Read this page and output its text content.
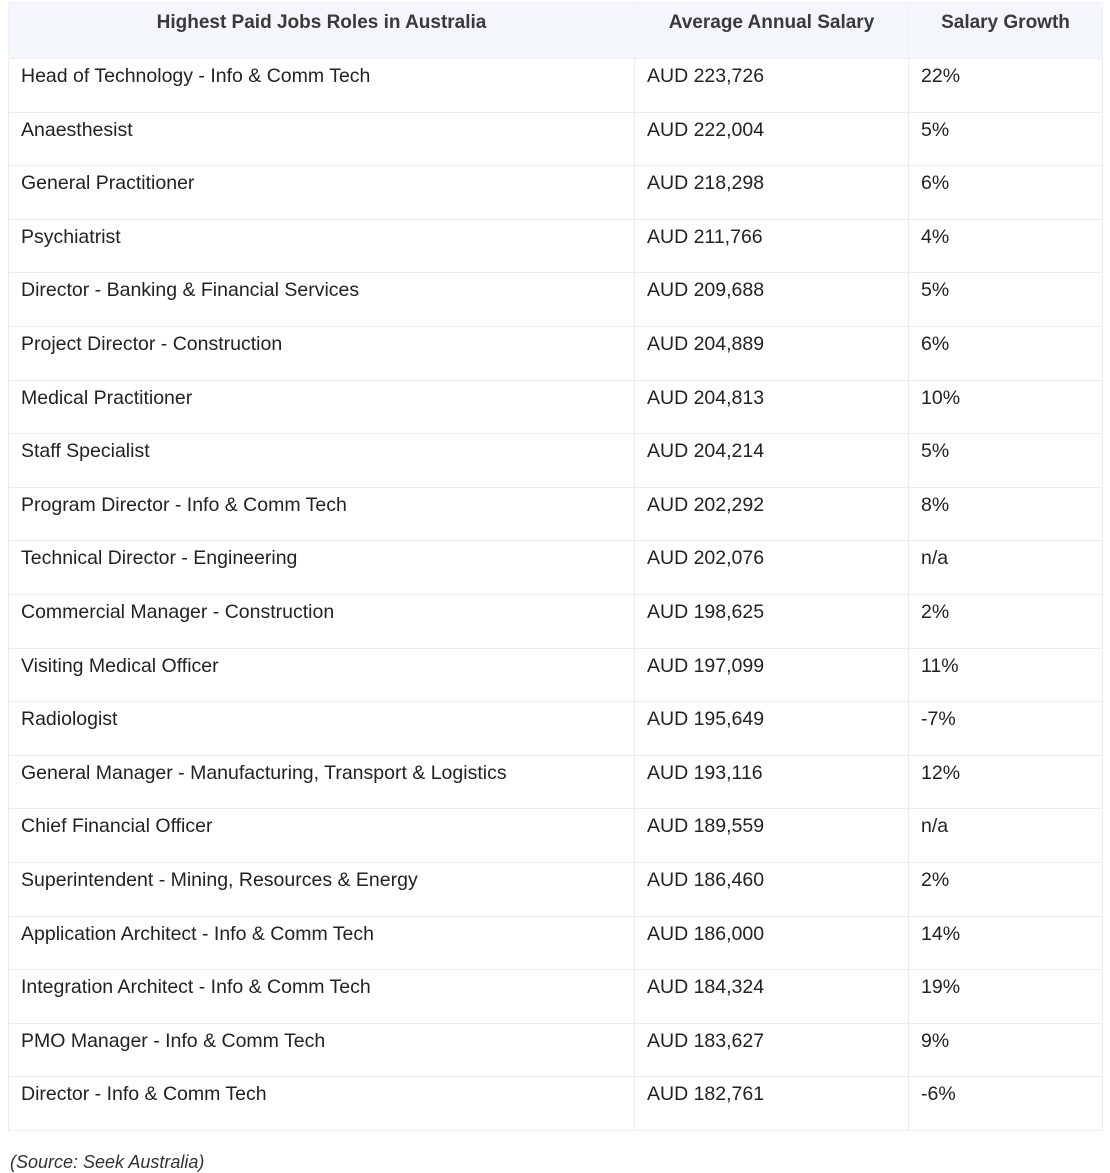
Highest Paid Jobs Roles in Australia	Average Annual Salary	Salary Growth
Head of Technology - Info & Comm Tech	AUD 223,726	22%
Anaesthesist	AUD 222,004	5%
General Practitioner	AUD 218,298	6%
Psychiatrist	AUD 211,766	4%
Director - Banking & Financial Services	AUD 209,688	5%
Project Director - Construction	AUD 204,889	6%
Medical Practitioner	AUD 204,813	10%
Staff Specialist	AUD 204,214	5%
Program Director - Info & Comm Tech	AUD 202,292	8%
Technical Director - Engineering	AUD 202,076	n/a
Commercial Manager - Construction	AUD 198,625	2%
Visiting Medical Officer	AUD 197,099	11%
Radiologist	AUD 195,649	-7%
General Manager - Manufacturing, Transport & Logistics	AUD 193,116	12%
Chief Financial Officer	AUD 189,559	n/a
Superintendent - Mining, Resources & Energy	AUD 186,460	2%
Application Architect - Info & Comm Tech	AUD 186,000	14%
Integration Architect - Info & Comm Tech	AUD 184,324	19%
PMO Manager - Info & Comm Tech	AUD 183,627	9%
Director - Info & Comm Tech	AUD 182,761	-6%
(Source: Seek Australia)
